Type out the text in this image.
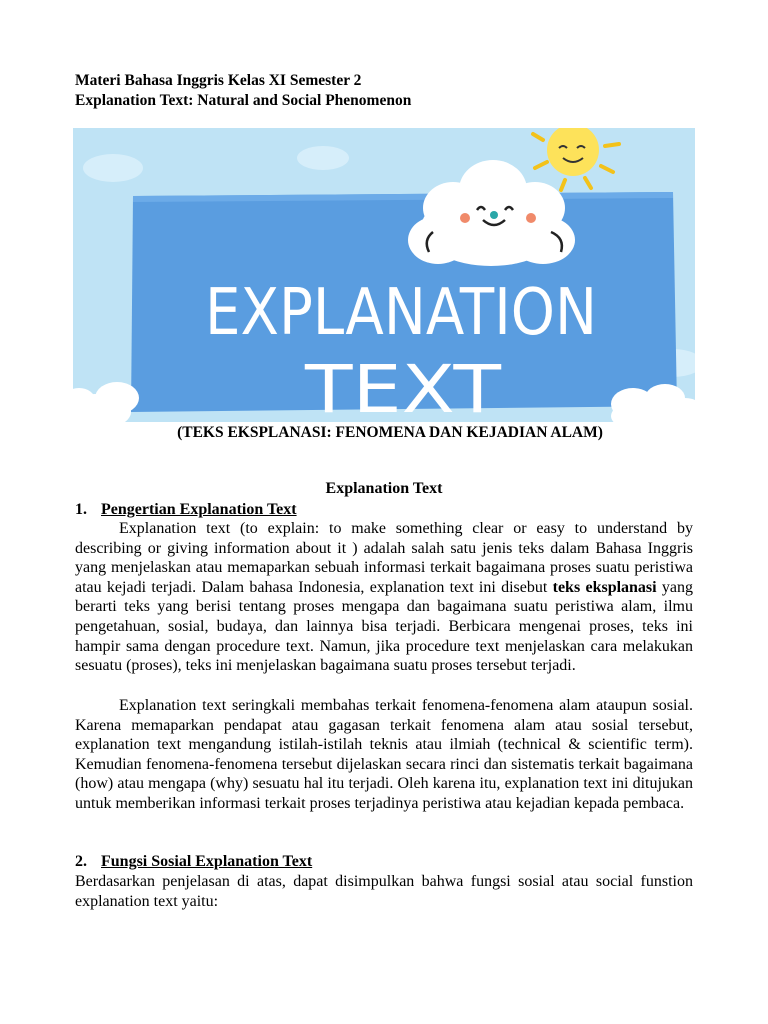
Materi Bahasa Inggris Kelas XI Semester 2
Explanation Text: Natural and Social Phenomenon
EXPLANATION
TEXT
(TEKS EKSPLANASI: FENOMENA DAN KEJADIAN ALAM)
Explanation Text
1. Pengertian Explanation Text

Explanation text (to explain: to make something clear or easy to understand by describing or giving information about it ) adalah salah satu jenis teks dalam Bahasa Inggris yang menjelaskan atau memaparkan sebuah informasi terkait bagaimana proses suatu peristiwa atau kejadi terjadi. Dalam bahasa Indonesia, explanation text ini disebut teks eksplanasi yang berarti teks yang berisi tentang proses mengapa dan bagaimana suatu peristiwa alam, ilmu pengetahuan, sosial, budaya, dan lainnya bisa terjadi. Berbicara mengenai proses, teks ini hampir sama dengan procedure text. Namun, jika procedure text menjelaskan cara melakukan sesuatu (proses), teks ini menjelaskan bagaimana suatu proses tersebut terjadi.

Explanation text seringkali membahas terkait fenomena-fenomena alam ataupun sosial. Karena memaparkan pendapat atau gagasan terkait fenomena alam atau sosial tersebut, explanation text mengandung istilah-istilah teknis atau ilmiah (technical & scientific term). Kemudian fenomena-fenomena tersebut dijelaskan secara rinci dan sistematis terkait bagaimana (how) atau mengapa (why) sesuatu hal itu terjadi. Oleh karena itu, explanation text ini ditujukan untuk memberikan informasi terkait proses terjadinya peristiwa atau kejadian kepada pembaca.

2. Fungsi Sosial Explanation Text

Berdasarkan penjelasan di atas, dapat disimpulkan bahwa fungsi sosial atau social funstion explanation text yaitu:
